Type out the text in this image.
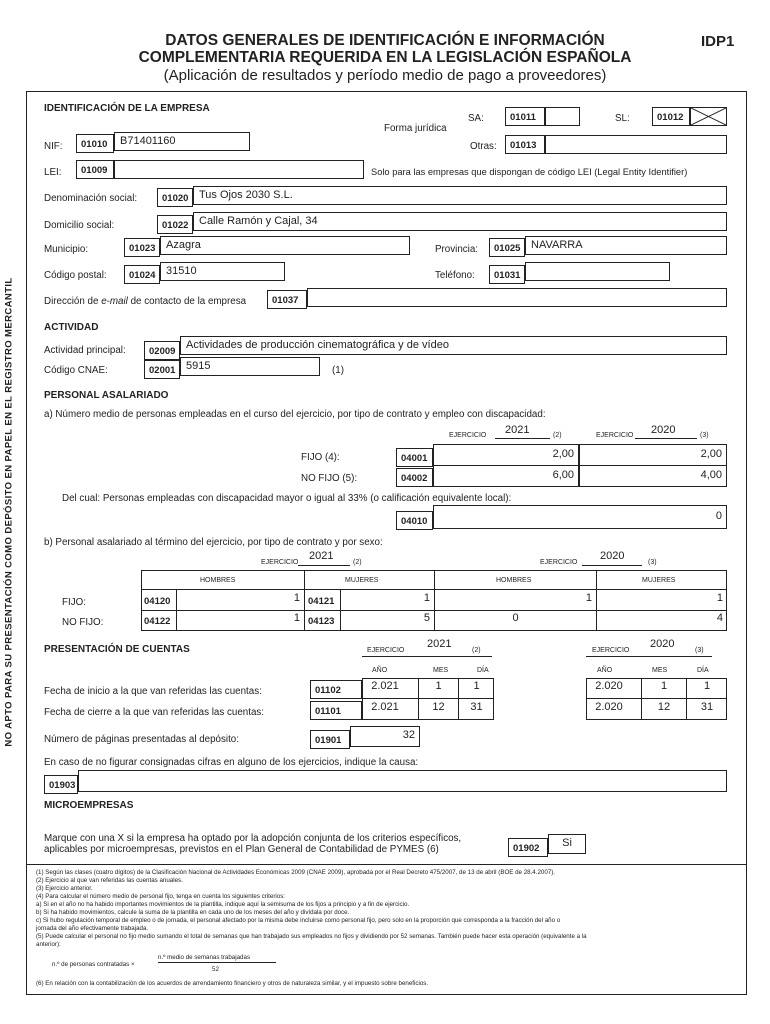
DATOS GENERALES DE IDENTIFICACIÓN E INFORMACIÓN
COMPLEMENTARIA REQUERIDA EN LA LEGISLACIÓN ESPAÑOLA
(Aplicación de resultados y período medio de pago a proveedores)
IDP1
NO APTO PARA SU PRESENTACIÓN COMO DEPÓSITO EN PAPEL EN EL REGISTRO MERCANTIL
IDENTIFICACIÓN DE LA EMPRESA
Forma jurídica
SA:	01011	SL:	01012
Otras:	01013
NIF:	01010	B71401160
LEI:	01009	Solo para las empresas que dispongan de código LEI (Legal Entity Identifier)
Denominación social:	01020 Tus Ojos 2030 S.L.
Domicilio social:	01022 Calle Ramón y Cajal, 34
Municipio:	01023 Azagra	Provincia:	01025 NAVARRA
Código postal:	01024 31510	Teléfono:	01031
Dirección de e-mail de contacto de la empresa	01037
ACTIVIDAD
Actividad principal:	02009
Actividades de producción cinematográfica y de vídeo
Código CNAE:	02001 5915	(1)
PERSONAL ASALARIADO
a) Número medio de personas empleadas en el curso del ejercicio, por tipo de contrato y empleo con discapacidad:
EJERCICIO 2021	(2)	EJERCICIO 2020	(3)
FIJO (4):	04001	2,00	2,00
NO FIJO (5):	04002	6,00	4,00
Del cual: Personas empleadas con discapacidad mayor o igual al 33% (o calificación equivalente local):
04010	0
b) Personal asalariado al término del ejercicio, por tipo de contrato y por sexo:
EJERCICIO
2021
(2)	EJERCICIO
2020
(3)
HOMBRES	MUJERES	HOMBRES	MUJERES
FIJO:	04120	1 04121	1	1	1
NO FIJO:	04122	1 04123	5	0	4
PRESENTACIÓN DE CUENTAS	EJERCICIO
2021
(2)	EJERCICIO
2020
(3)
AÑO	MES	DÍA	AÑO	MES	DÍA
Fecha de inicio a la que van referidas las cuentas:	01102	2.021	1	1	2.020	1	1
Fecha de cierre a la que van referidas las cuentas:	01101	2.021	12	31	2.020	12	31
Número de páginas presentadas al depósito:	01901	32
En caso de no figurar consignadas cifras en alguno de los ejercicios, indique la causa:
01903
MICROEMPRESAS
Marque con una X si la empresa ha optado por la adopción conjunta de los criterios específicos,
aplicables por microempresas, previstos en el Plan General de Contabilidad de PYMES (6)	01902	Si
(1) Según las clases (cuatro dígitos) de la Clasificación Nacional de Actividades Económicas 2009 (CNAE 2009), aprobada por el Real Decreto 475/2007, de 13 de abril (BOE de 28.4.2007).
(2) Ejercicio al que van referidas las cuentas anuales.
(3) Ejercicio anterior.
(4) Para calcular el número medio de personal fijo, tenga en cuenta los siguientes criterios:
a) Si en el año no ha habido importantes movimientos de la plantilla, indique aquí la semisuma de los fijos a principio y a fin de ejercicio.
b) Si ha habido movimientos, calcule la suma de la plantilla en cada uno de los meses del año y divídala por doce.
c) Si hubo regulación temporal de empleo o de jornada, el personal afectado por la misma debe incluirse como personal fijo, pero solo en la proporción que corresponda a la fracción del año o
jornada del año efectivamente trabajada.
(5) Puede calcular el personal no fijo medio sumando el total de semanas que han trabajado sus empleados no fijos y dividiendo por 52 semanas. También puede hacer esta operación (equivalente a la
anterior):
n.º de personas contratadas ×
n.º medio de semanas trabajadas
52
(6) En relación con la contabilización de los acuerdos de arrendamiento financiero y otros de naturaleza similar, y el impuesto sobre beneficios.
